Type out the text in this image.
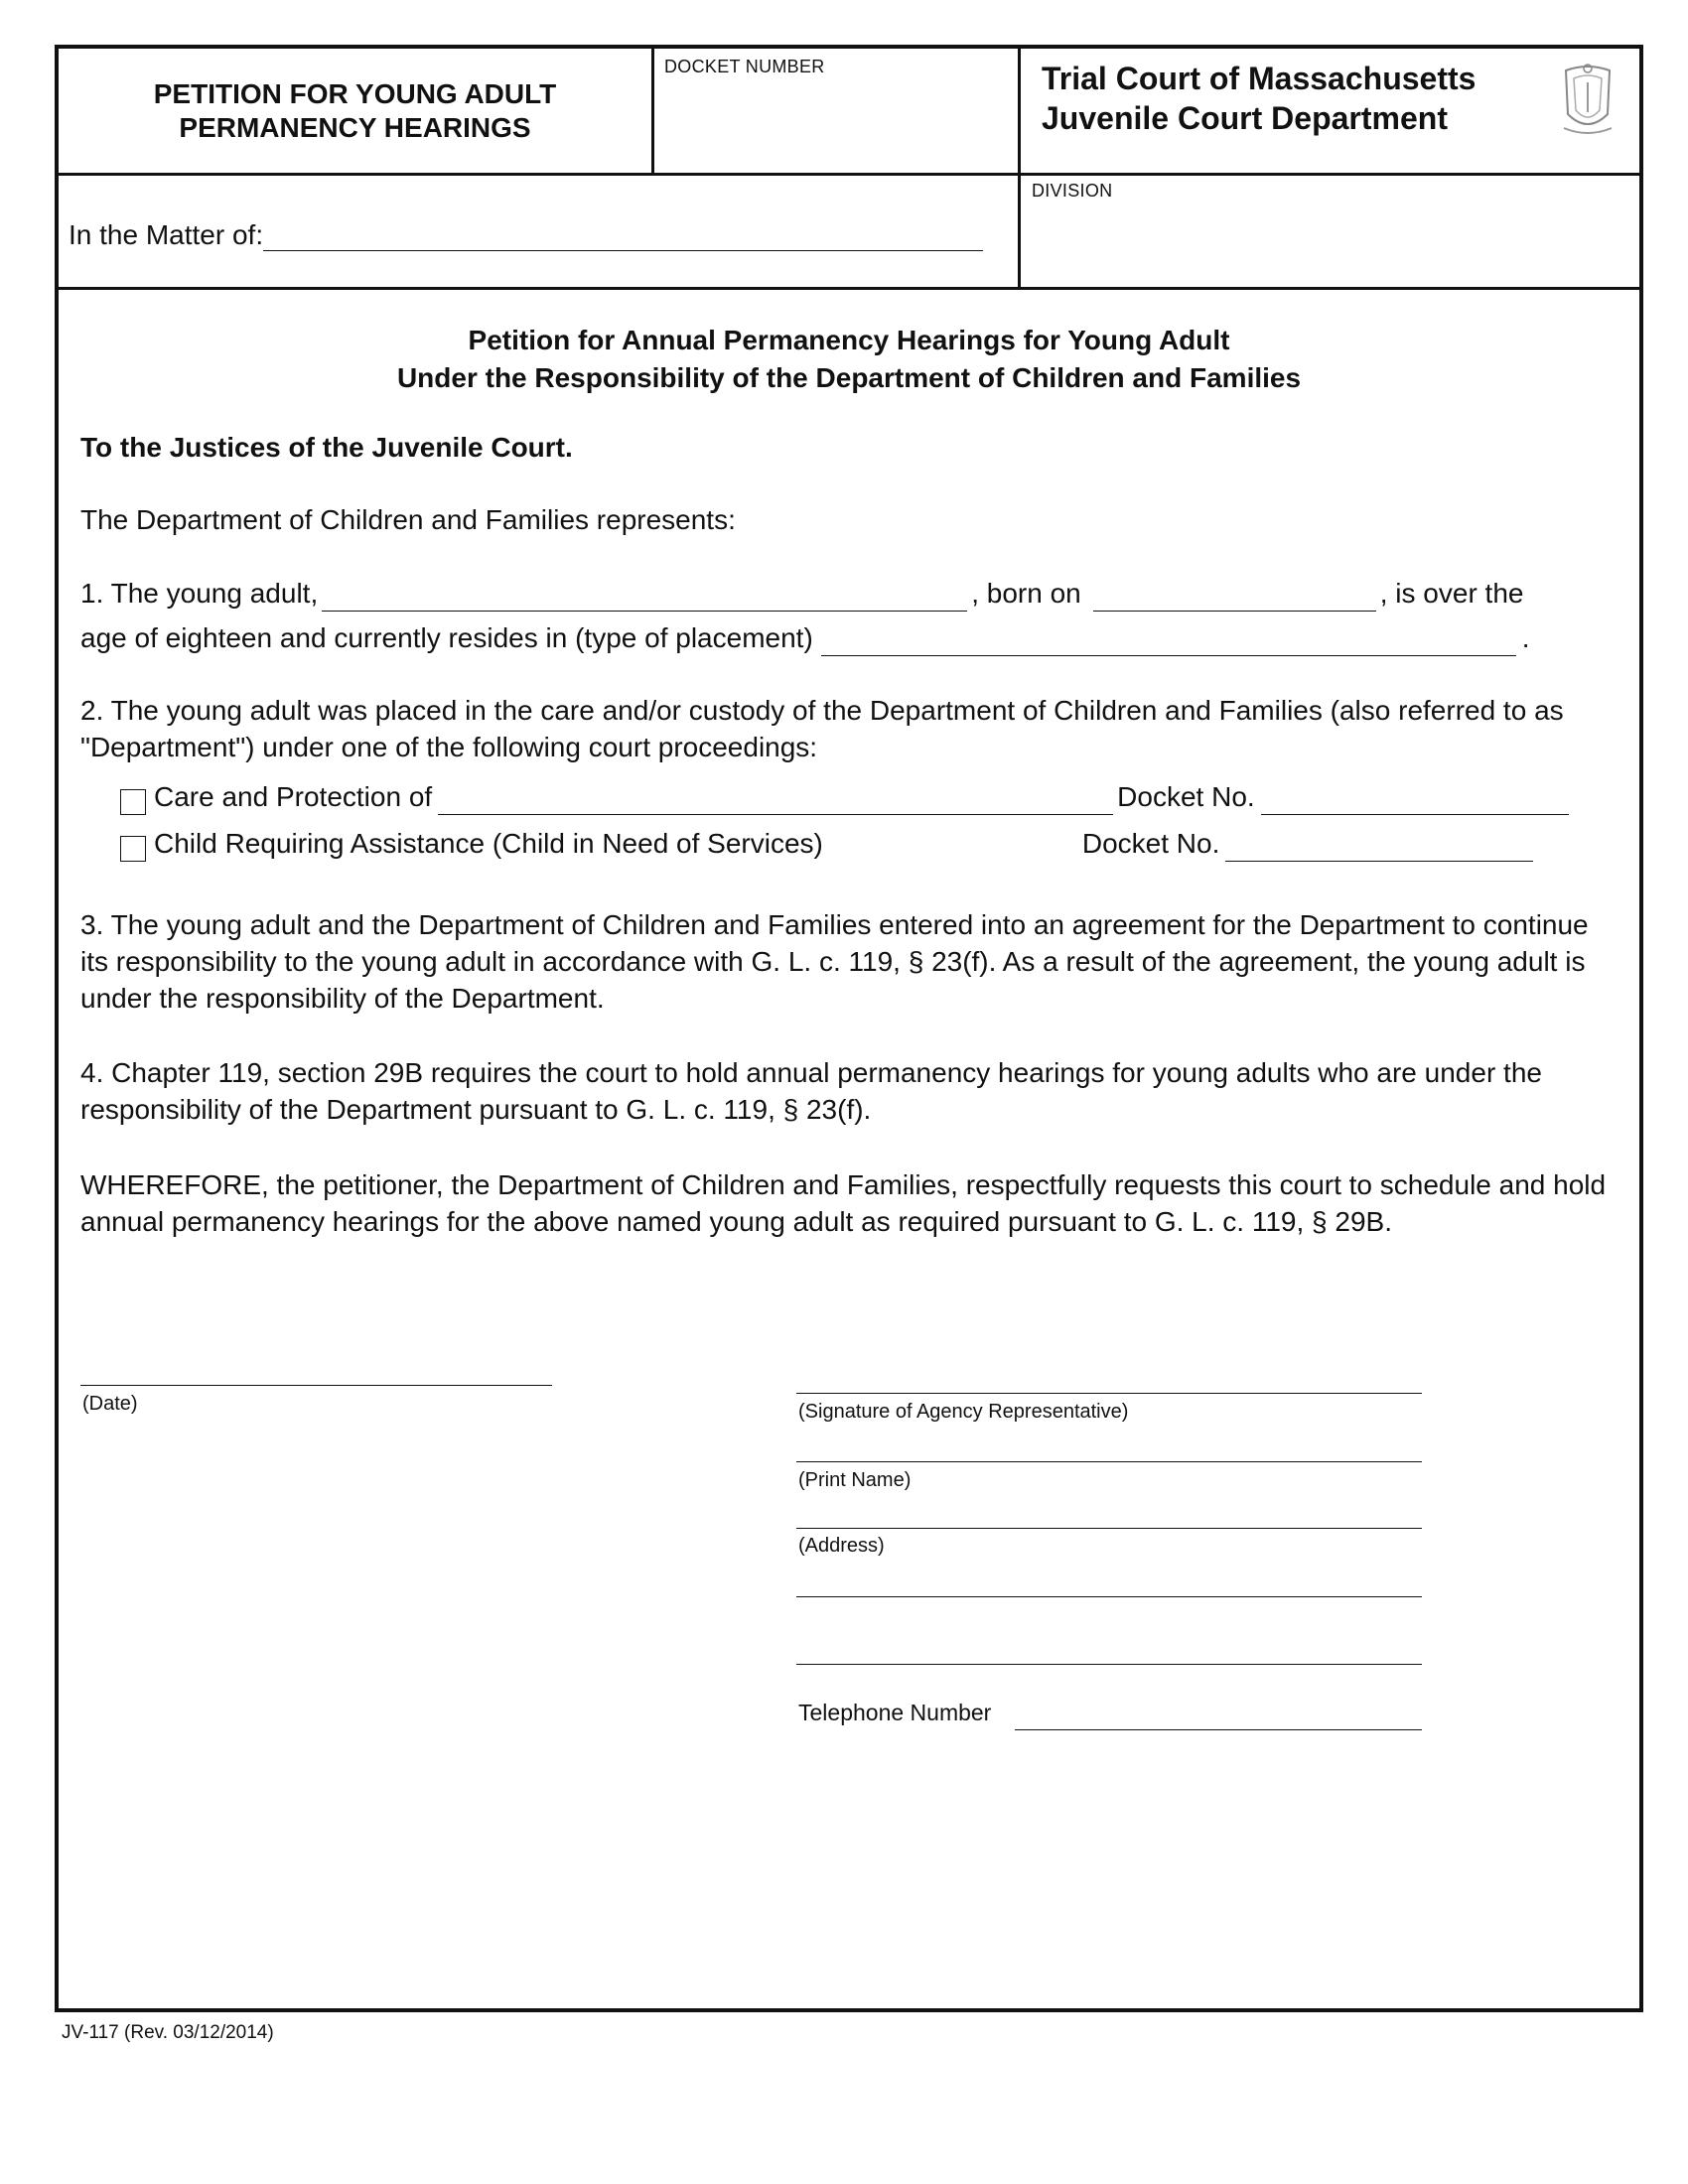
PETITION FOR YOUNG ADULT
PERMANENCY HEARINGS
DOCKET NUMBER	Trial Court of Massachusetts
Juvenile Court Department
DIVISION
In the Matter of:
Petition for Annual Permanency Hearings for Young Adult
Under the Responsibility of the Department of Children and Families
To the Justices of the Juvenile Court.
The Department of Children and Families represents:
1. The young adult,	, born on	, is over the
age of eighteen and currently resides in (type of placement)	.
2. The young adult was placed in the care and/or custody of the Department of Children and Families (also referred to as "Department") under one of the following court proceedings:
Care and Protection of	Docket No.
Child Requiring Assistance (Child in Need of Services)	Docket No.
3. The young adult and the Department of Children and Families entered into an agreement for the Department to continue its responsibility to the young adult in accordance with G. L. c. 119, § 23(f). As a result of the agreement, the young adult is under the responsibility of the Department.
4. Chapter 119, section 29B requires the court to hold annual permanency hearings for young adults who are under the responsibility of the Department pursuant to G. L. c. 119, § 23(f).
WHEREFORE, the petitioner, the Department of Children and Families, respectfully requests this court to schedule and hold annual permanency hearings for the above named young adult as required pursuant to G. L. c. 119, § 29B.
(Date)	(Signature of Agency Representative)
(Print Name)
(Address)
Telephone Number
JV-117 (Rev. 03/12/2014)
